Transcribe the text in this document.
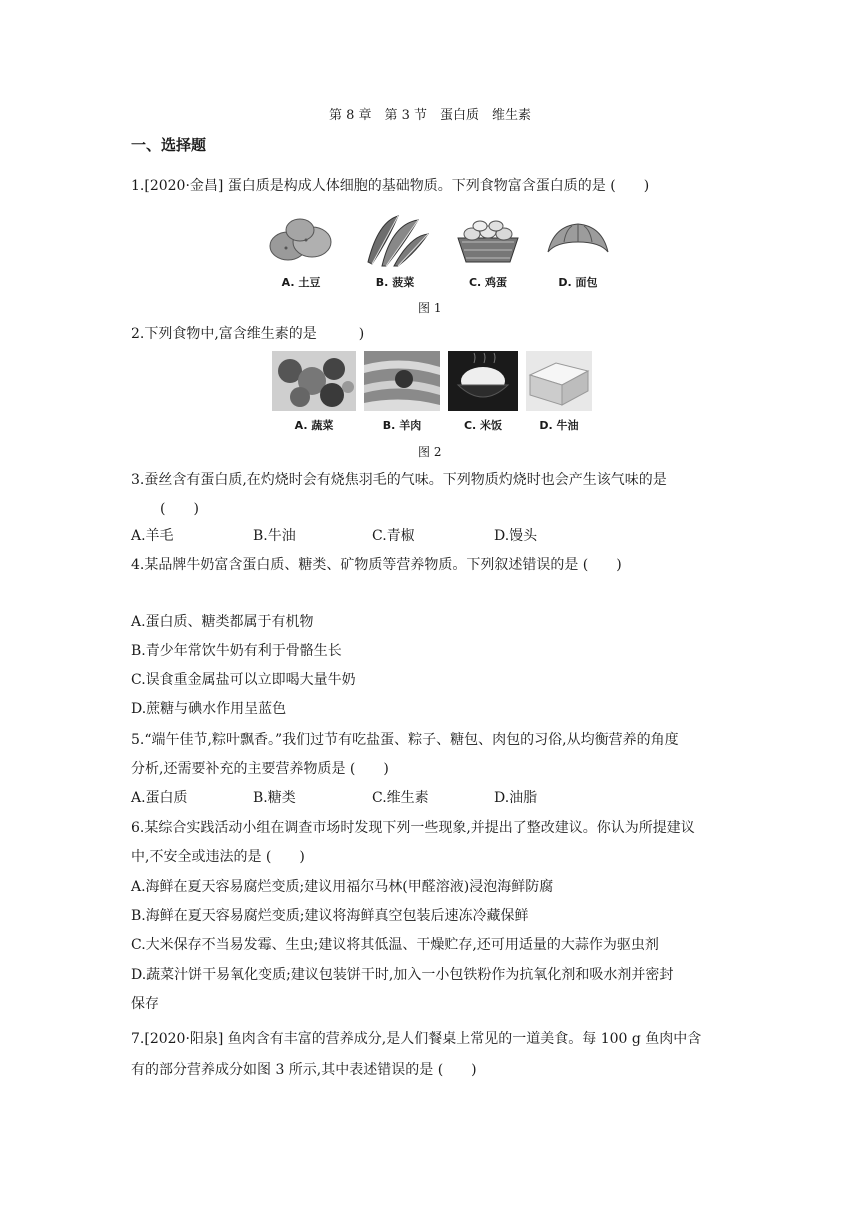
第 8 章　第 3 节　蛋白质　维生素
一、选择题
1.[2020·金昌] 蛋白质是构成人体细胞的基础物质。下列食物富含蛋白质的是 (　　)
A. 土豆	B. 菠菜	C. 鸡蛋	D. 面包
图 1
2.下列食物中,富含维生素的是　　　)
A. 蔬菜	B. 羊肉	C. 米饭	D. 牛油
图 2
3.蚕丝含有蛋白质,在灼烧时会有烧焦羽毛的气味。下列物质灼烧时也会产生该气味的是
(　　)
A.羊毛	B.牛油	C.青椒	D.馒头
4.某品牌牛奶富含蛋白质、糖类、矿物质等营养物质。下列叙述错误的是 (　　)
A.蛋白质、糖类都属于有机物
B.青少年常饮牛奶有利于骨骼生长
C.误食重金属盐可以立即喝大量牛奶
D.蔗糖与碘水作用呈蓝色
5.“端午佳节,粽叶飘香。”我们过节有吃盐蛋、粽子、糖包、肉包的习俗,从均衡营养的角度
分析,还需要补充的主要营养物质是 (　　)
A.蛋白质	B.糖类	C.维生素	D.油脂
6.某综合实践活动小组在调查市场时发现下列一些现象,并提出了整改建议。你认为所提建议
中,不安全或违法的是 (　　)
A.海鲜在夏天容易腐烂变质;建议用福尔马林(甲醛溶液)浸泡海鲜防腐
B.海鲜在夏天容易腐烂变质;建议将海鲜真空包装后速冻冷藏保鲜
C.大米保存不当易发霉、生虫;建议将其低温、干燥贮存,还可用适量的大蒜作为驱虫剂
D.蔬菜汁饼干易氧化变质;建议包装饼干时,加入一小包铁粉作为抗氧化剂和吸水剂并密封
保存
7.[2020·阳泉] 鱼肉含有丰富的营养成分,是人们餐桌上常见的一道美食。每 100 g 鱼肉中含
有的部分营养成分如图 3 所示,其中表述错误的是 (　　)
